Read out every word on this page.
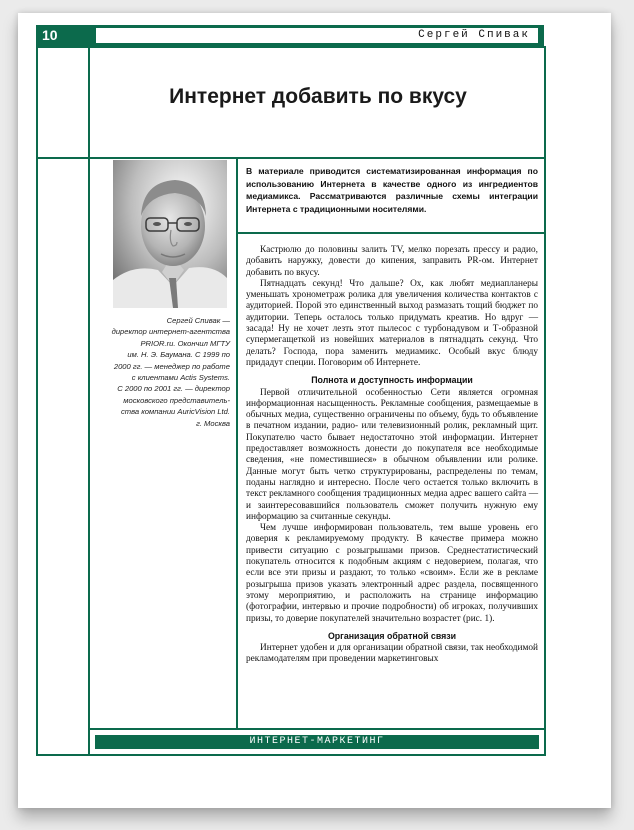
10	Сергей Спивак
Интернет добавить по вкусу
Сергей Спивак —
директор интернет-агентства
PRIOR.ru. Окончил МГТУ
им. Н. Э. Баумана. С 1999 по
2000 гг. — менеджер по работе
с клиентами Actis Systems.
С 2000 по 2001 гг. — директор
московского представитель-
ства компании AuricVision Ltd.
г. Москва
В материале приводится систематизированная информация по использованию Интернета в качестве одного из ингредиентов медиамикса. Рассматриваются различные схемы интеграции Интернета с традиционными носителями.

Кастрюлю до половины залить TV, мелко порезать прессу и радио, добавить наружку, довести до кипения, заправить PR-ом. Интернет добавить по вкусу.

Пятнадцать секунд! Что дальше? Ох, как любят медиапланеры уменьшать хронометраж ролика для увеличения количества контактов с аудиторией. Порой это единственный выход размазать тощий бюджет по аудитории. Теперь осталось только придумать креатив. Но вдруг — засада! Ну не хочет лезть этот пылесос с турбонадувом и Т-образной супермегащеткой из новейших материалов в пятнадцать секунд. Что делать? Господа, пора заменить медиамикс. Особый вкус блюду придадут специи. Поговорим об Интернете.

Полнота и доступность информации

Первой отличительной особенностью Сети является огромная информационная насыщенность. Рекламные сообщения, размещаемые в обычных медиа, существенно ограничены по объему, будь то объявление в печатном издании, радио- или телевизионный ролик, рекламный щит. Покупателю часто бывает недостаточно этой информации. Интернет предоставляет возможность донести до покупателя все необходимые сведения, «не поместившиеся» в обычном объявлении или ролике. Данные могут быть четко структурированы, распределены по темам, поданы наглядно и интересно. После чего остается только включить в текст рекламного сообщения традиционных медиа адрес вашего сайта — и заинтересовавшийся пользователь сможет получить нужную ему информацию за считанные секунды.

Чем лучше информирован пользователь, тем выше уровень его доверия к рекламируемому продукту. В качестве примера можно привести ситуацию с розыгрышами призов. Среднестатистический покупатель относится к подобным акциям с недоверием, полагая, что если все эти призы и раздают, то только «своим». Если же в рекламе розыгрыша призов указать электронный адрес раздела, посвященного этому мероприятию, и расположить на странице информацию (фотографии, интервью и прочие подробности) об игроках, получивших призы, то доверие покупателей значительно возрастет (рис. 1).

Организация обратной связи

Интернет удобен и для организации обратной связи, так необходимой рекламодателям при проведении маркетинговых

ИНТЕРНЕТ-МАРКЕТИНГ
